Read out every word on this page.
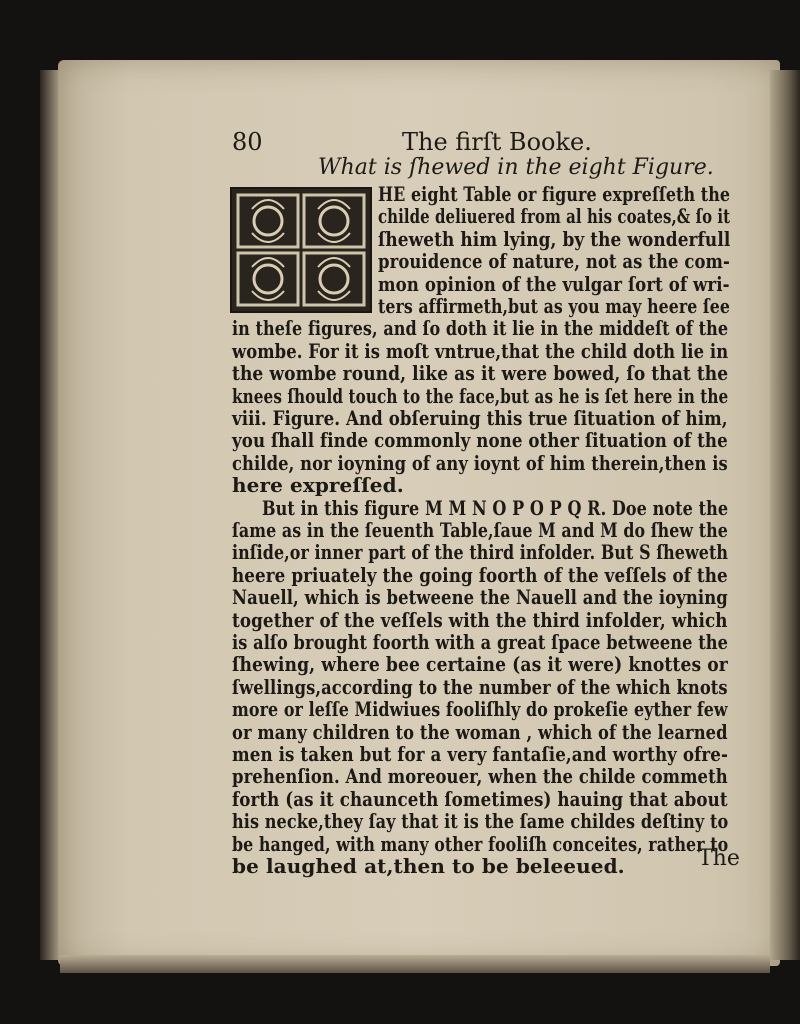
80	The firſt Booke.
What is ſhewed in the eight Figure.
HE eight Table or figure expreſſeth the
childe deliuered from al his coates,& ſo it
ſheweth him lying, by the wonderfull
prouidence of nature, not as the com-
mon opinion of the vulgar ſort of wri-
ters affirmeth,but as you may heere ſee
in theſe figures, and ſo doth it lie in the middeſt of the
wombe. For it is moſt vntrue,that the child doth lie in
the wombe round, like as it were bowed, ſo that the
knees ſhould touch to the face,but as he is ſet here in the
viii. Figure. And obſeruing this true ſituation of him,
you ſhall finde commonly none other ſituation of the
childe, nor ioyning of any ioynt of him therein,then is
here expreſſed.
But in this figure M M N O P O P Q R. Doe note the
ſame as in the ſeuenth Table,ſaue M and M do ſhew the
inſide,or inner part of the third infolder. But S ſheweth
heere priuately the going foorth of the veſſels of the
Nauell, which is betweene the Nauell and the ioyning
together of the veſſels with the third infolder, which
is alſo brought foorth with a great ſpace betweene the
ſhewing, where bee certaine (as it were) knottes or
ſwellings,according to the number of the which knots
more or leſſe Midwiues fooliſhly do prokeſie eyther few
or many children to the woman , which of the learned
men is taken but for a very fantaſie,and worthy ofre-
prehenſion. And moreouer, when the childe commeth
forth (as it chaunceth ſometimes) hauing that about
his necke,they ſay that it is the ſame childes deſtiny to
be hanged, with many other fooliſh conceites, rather to
be laughed at,then to be beleeued.	The
